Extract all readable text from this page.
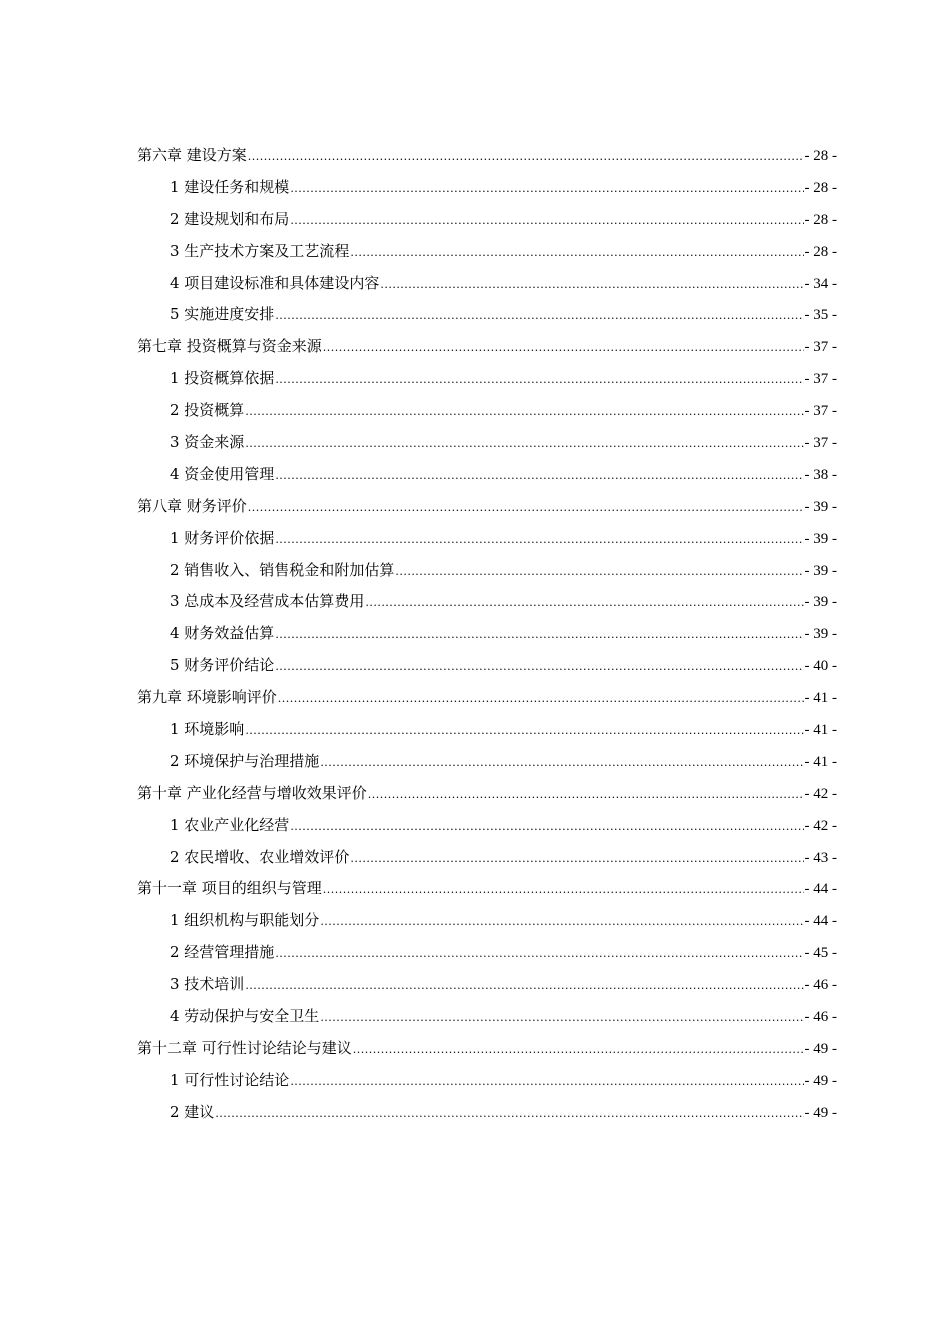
第六章 建设方案 .....	- 28 -
1 建设任务和规模 .....	- 28 -
2 建设规划和布局 .....	- 28 -
3 生产技术方案及工艺流程 .....	- 28 -
4 项目建设标准和具体建设内容 .....	- 34 -
5 实施进度安排 .....	- 35 -
第七章 投资概算与资金来源 .....	- 37 -
1 投资概算依据 .....	- 37 -
2 投资概算 .....	- 37 -
3 资金来源 .....	- 37 -
4 资金使用管理 .....	- 38 -
第八章 财务评价 .....	- 39 -
1 财务评价依据 .....	- 39 -
2 销售收入、销售税金和附加估算 .....	- 39 -
3 总成本及经营成本估算费用 .....	- 39 -
4 财务效益估算 .....	- 39 -
5 财务评价结论 .....	- 40 -
第九章 环境影响评价 .....	- 41 -
1 环境影响 .....	- 41 -
2 环境保护与治理措施 .....	- 41 -
第十章 产业化经营与增收效果评价 .....	- 42 -
1 农业产业化经营 .....	- 42 -
2 农民增收、农业增效评价 .....	- 43 -
第十一章 项目的组织与管理 .....	- 44 -
1 组织机构与职能划分 .....	- 44 -
2 经营管理措施 .....	- 45 -
3 技术培训 .....	- 46 -
4 劳动保护与安全卫生 .....	- 46 -
第十二章 可行性讨论结论与建议 .....	- 49 -
1 可行性讨论结论 .....	- 49 -
2 建议 .....	- 49 -
